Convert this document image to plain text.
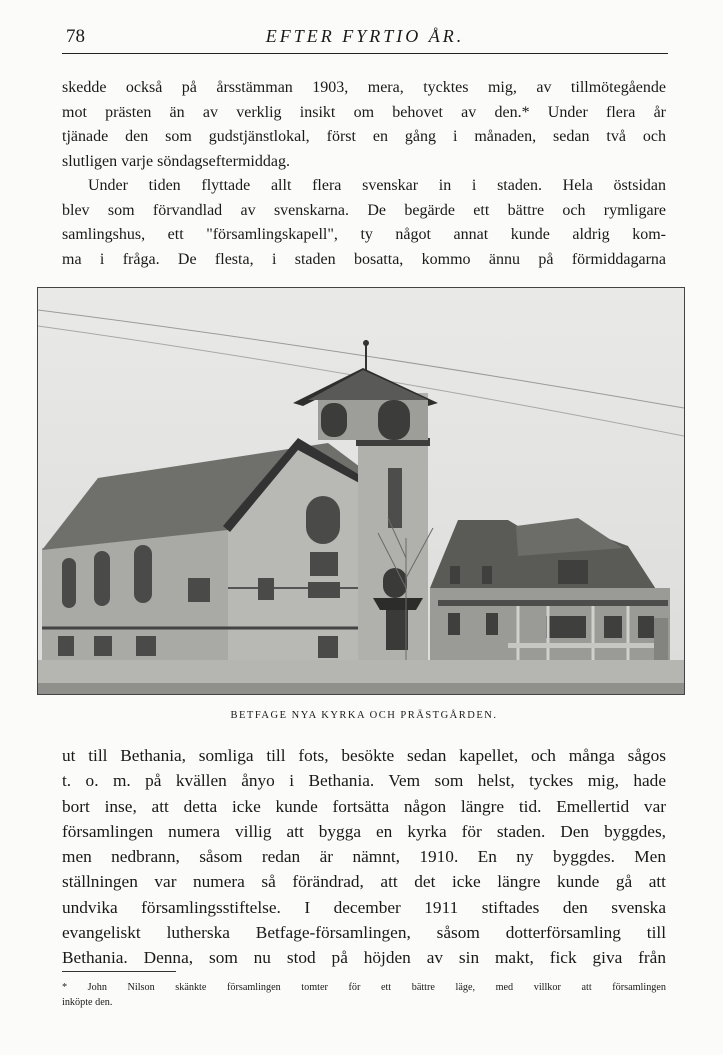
78	EFTER FYRTIO ÅR.
skedde också på årsstämman 1903, mera, tycktes mig, av tillmötegående
mot prästen än av verklig insikt om behovet av den.* Under flera år
tjänade den som gudstjänstlokal, först en gång i månaden, sedan två och
slutligen varje söndagseftermiddag.
Under tiden flyttade allt flera svenskar in i staden. Hela östsidan
blev som förvandlad av svenskarna. De begärde ett bättre och rymligare
samlingshus, ett "församlingskapell", ty något annat kunde aldrig kom-
ma i fråga. De flesta, i staden bosatta, kommo ännu på förmiddagarna
BETFAGE NYA KYRKA OCH PRÄSTGÅRDEN.
ut till Bethania, somliga till fots, besökte sedan kapellet, och många sågos
t. o. m. på kvällen ånyo i Bethania. Vem som helst, tyckes mig, hade
bort inse, att detta icke kunde fortsätta någon längre tid. Emellertid var
församlingen numera villig att bygga en kyrka för staden. Den byggdes,
men nedbrann, såsom redan är nämnt, 1910. En ny byggdes. Men
ställningen var numera så förändrad, att det icke längre kunde gå att
undvika församlingsstiftelse. I december 1911 stiftades den svenska
evangeliskt lutherska Betfage-församlingen, såsom dotterförsamling till
Bethania. Denna, som nu stod på höjden av sin makt, fick giva från
* John Nilson skänkte församlingen tomter för ett bättre läge, med villkor att församlingen
inköpte den.
